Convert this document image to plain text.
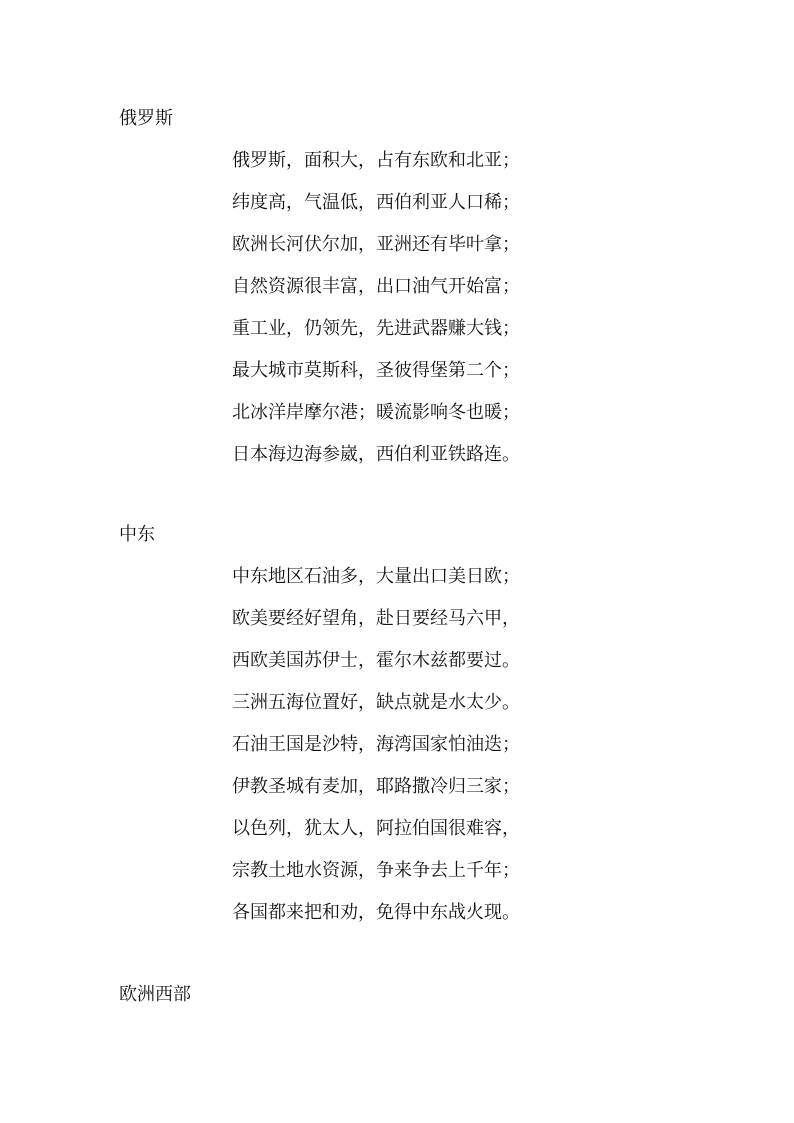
俄罗斯
俄罗斯，面积大，占有东欧和北亚；
纬度高，气温低，西伯利亚人口稀；
欧洲长河伏尔加，亚洲还有毕叶拿；
自然资源很丰富，出口油气开始富；
重工业，仍领先，先进武器赚大钱；
最大城市莫斯科，圣彼得堡第二个；
北冰洋岸摩尔港；暖流影响冬也暖；
日本海边海参崴，西伯利亚铁路连。
中东
中东地区石油多，大量出口美日欧；
欧美要经好望角，赴日要经马六甲，
西欧美国苏伊士，霍尔木兹都要过。
三洲五海位置好，缺点就是水太少。
石油王国是沙特，海湾国家怕油迭；
伊教圣城有麦加，耶路撒冷归三家；
以色列，犹太人，阿拉伯国很难容，
宗教土地水资源，争来争去上千年；
各国都来把和劝，免得中东战火现。
欧洲西部
